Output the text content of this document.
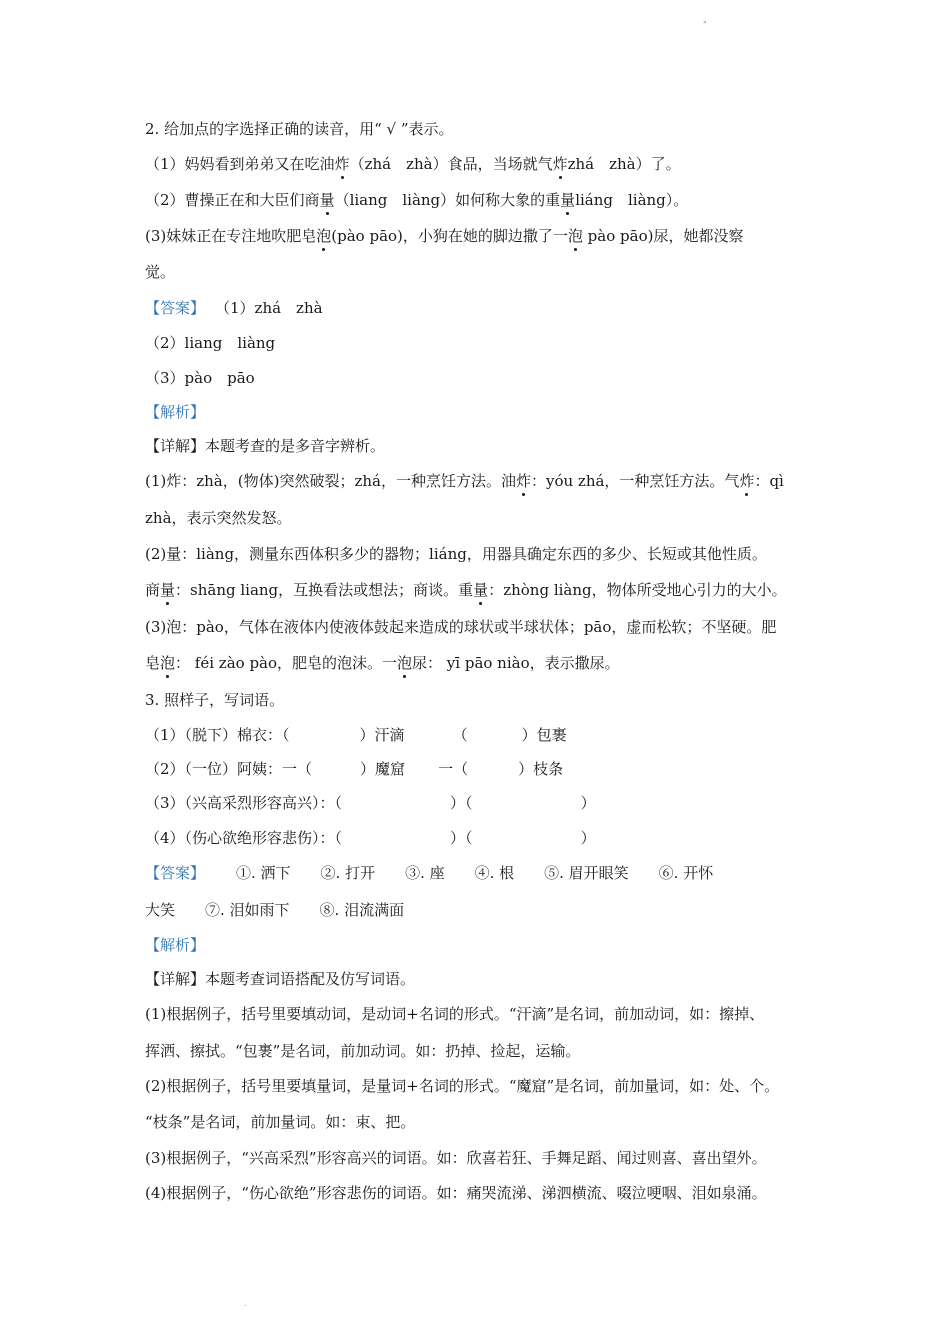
"
2. 给加点的字选择正确的读音，用“ √ ”表示。
（1）妈妈看到弟弟又在吃油炸（zhá　zhà）食品，当场就气炸zhá　zhà）了。
（2）曹操正在和大臣们商量（liang　liàng）如何称大象的重量liáng　liàng）。
(3)妹妹正在专注地吹肥皂泡(pào pāo)，小狗在她的脚边撒了一泡 pào pāo)尿，她都没察
觉。
【答案】 （1）zhá　zhà
（2）liang　liàng
（3）pào　pāo
【解析】
【详解】本题考查的是多音字辨析。
(1)炸：zhà，(物体)突然破裂；zhá，一种烹饪方法。油炸：yóu zhá，一种烹饪方法。气炸：qì
zhà，表示突然发怒。
(2)量：liàng，测量东西体积多少的器物；liáng，用器具确定东西的多少、长短或其他性质。
商量：shāng liang，互换看法或想法；商谈。重量：zhòng liàng，物体所受地心引力的大小。
(3)泡：pào，气体在液体内使液体鼓起来造成的球状或半球状体；pāo，虚而松软；不坚硬。肥
皂泡： féi zào pào，肥皂的泡沫。一泡尿： yī pāo niào，表示撒尿。
3. 照样子，写词语。
（1）（脱下）棉衣：（	）汗滴	（	）包裹
（2）（一位）阿姨：一（	）魔窟 一（	）枝条
（3）（兴高采烈形容高兴）：（	）（	）
（4）（伤心欲绝形容悲伤）：（	）（	）
【答案】 ①. 洒下　　②. 打开　　③. 座　　④. 根　　⑤. 眉开眼笑　　⑥. 开怀
大笑　　⑦. 泪如雨下　　⑧. 泪流满面
【解析】
【详解】本题考查词语搭配及仿写词语。
(1)根据例子，括号里要填动词，是动词+名词的形式。“汗滴”是名词，前加动词，如：擦掉、
挥洒、擦拭。“包裹”是名词，前加动词。如：扔掉、捡起，运输。
(2)根据例子，括号里要填量词，是量词+名词的形式。“魔窟”是名词，前加量词，如：处、个。
“枝条”是名词，前加量词。如：束、把。
(3)根据例子，“兴高采烈”形容高兴的词语。如：欣喜若狂、手舞足蹈、闻过则喜、喜出望外。
(4)根据例子，“伤心欲绝”形容悲伤的词语。如：痛哭流涕、涕泗横流、啜泣哽咽、泪如泉涌。
.
